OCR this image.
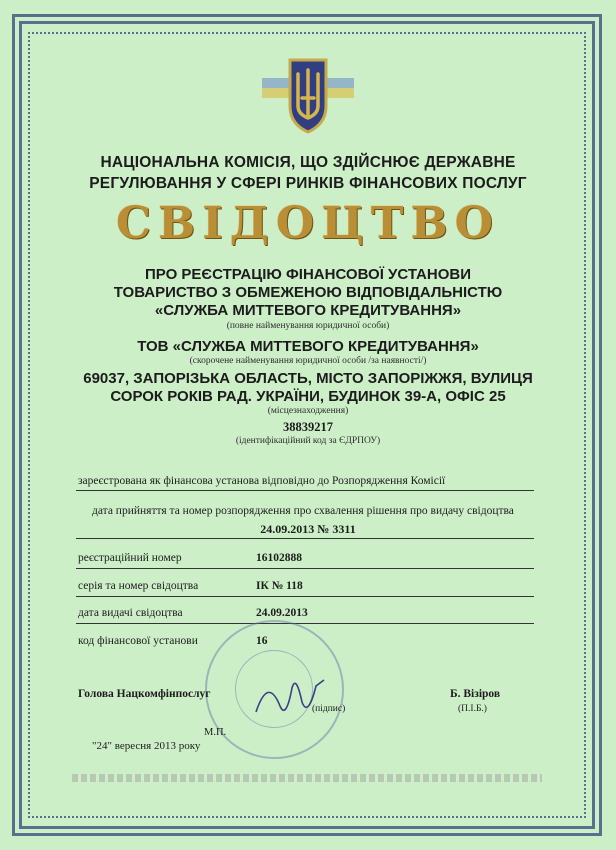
НАЦІОНАЛЬНА КОМІСІЯ, ЩО ЗДІЙСНЮЄ ДЕРЖАВНЕ
РЕГУЛЮВАННЯ У СФЕРІ РИНКІВ ФІНАНСОВИХ ПОСЛУГ
СВІДОЦТВО
ПРО РЕЄСТРАЦІЮ ФІНАНСОВОЇ УСТАНОВИ
ТОВАРИСТВО З ОБМЕЖЕНОЮ ВІДПОВІДАЛЬНІСТЮ
«СЛУЖБА МИТТЕВОГО КРЕДИТУВАННЯ»
(повне найменування юридичної особи)
ТОВ «СЛУЖБА МИТТЕВОГО КРЕДИТУВАННЯ»
(скорочене найменування юридичної особи /за наявності/)
69037, ЗАПОРІЗЬКА ОБЛАСТЬ, МІСТО ЗАПОРІЖЖЯ, ВУЛИЦЯ
СОРОК РОКІВ РАД. УКРАЇНИ, БУДИНОК 39-А, ОФІС 25
(місцезнаходження)
38839217
(ідентифікаційний код за ЄДРПОУ)
зареєстрована як фінансова установа відповідно до Розпорядження Комісії
дата прийняття та номер розпорядження про схвалення рішення про видачу свідоцтва
24.09.2013 № 3311
реєстраційний номер	16102888
серія та номер свідоцтва	ІК № 118
дата видачі свідоцтва	24.09.2013
код фінансової установи	16
Голова Нацкомфінпослуг
(підпис)
Б. Візіров
(П.І.Б.)
М.П.
"24" вересня 2013 року
